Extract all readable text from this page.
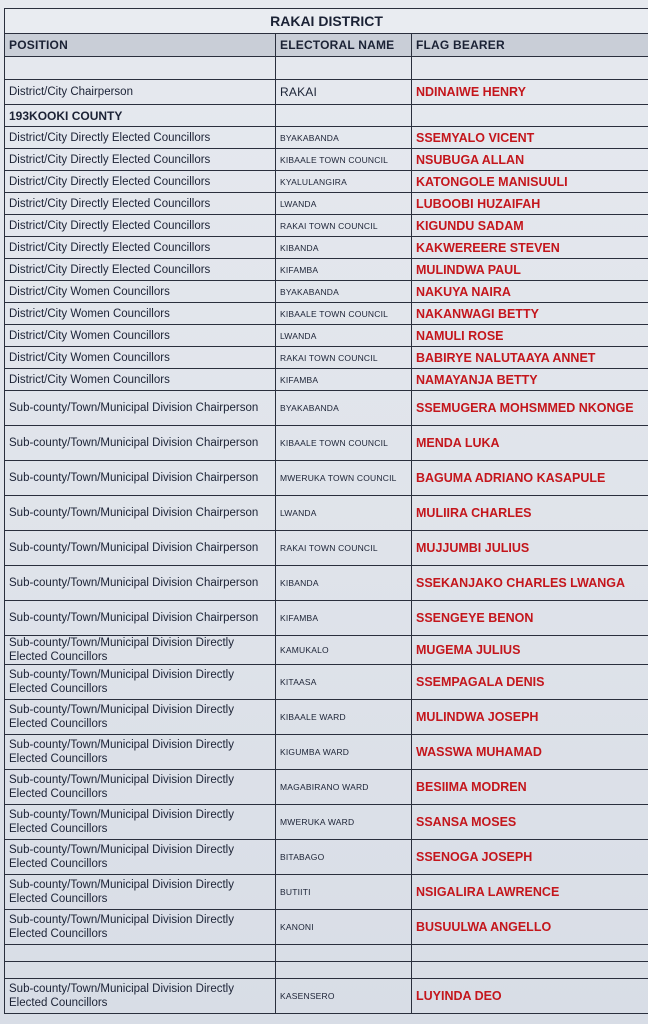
RAKAI DISTRICT		
POSITION	ELECTORAL NAME	FLAG BEARER

District/City Chairperson	RAKAI	NDINAIWE HENRY
193KOOKI COUNTY		
District/City Directly Elected Councillors	BYAKABANDA	SSEMYALO VICENT
District/City Directly Elected Councillors	KIBAALE TOWN COUNCIL	NSUBUGA ALLAN
District/City Directly Elected Councillors	KYALULANGIRA	KATONGOLE MANISUULI
District/City Directly Elected Councillors	LWANDA	LUBOOBI HUZAIFAH
District/City Directly Elected Councillors	RAKAI TOWN COUNCIL	KIGUNDU SADAM
District/City Directly Elected Councillors	KIBANDA	KAKWEREERE STEVEN
District/City Directly Elected Councillors	KIFAMBA	MULINDWA PAUL
District/City Women Councillors	BYAKABANDA	NAKUYA NAIRA
District/City Women Councillors	KIBAALE TOWN COUNCIL	NAKANWAGI BETTY
District/City Women Councillors	LWANDA	NAMULI ROSE
District/City Women Councillors	RAKAI TOWN COUNCIL	BABIRYE NALUTAAYA ANNET
District/City Women Councillors	KIFAMBA	NAMAYANJA BETTY
Sub-county/Town/Municipal Division Chairperson	BYAKABANDA	SSEMUGERA MOHSMMED NKONGE
Sub-county/Town/Municipal Division Chairperson	KIBAALE TOWN COUNCIL	MENDA LUKA
Sub-county/Town/Municipal Division Chairperson	MWERUKA TOWN COUNCIL	BAGUMA ADRIANO KASAPULE
Sub-county/Town/Municipal Division Chairperson	LWANDA	MULIIRA CHARLES
Sub-county/Town/Municipal Division Chairperson	RAKAI TOWN COUNCIL	MUJJUMBI JULIUS
Sub-county/Town/Municipal Division Chairperson	KIBANDA	SSEKANJAKO CHARLES LWANGA
Sub-county/Town/Municipal Division Chairperson	KIFAMBA	SSENGEYE BENON
Sub-county/Town/Municipal Division Directly Elected Councillors	KAMUKALO	MUGEMA JULIUS
Sub-county/Town/Municipal Division Directly Elected Councillors	KITAASA	SSEMPAGALA DENIS
Sub-county/Town/Municipal Division Directly Elected Councillors	KIBAALE WARD	MULINDWA JOSEPH
Sub-county/Town/Municipal Division Directly Elected Councillors	KIGUMBA WARD	WASSWA MUHAMAD
Sub-county/Town/Municipal Division Directly Elected Councillors	MAGABIRANO WARD	BESIIMA MODREN
Sub-county/Town/Municipal Division Directly Elected Councillors	MWERUKA WARD	SSANSA MOSES
Sub-county/Town/Municipal Division Directly Elected Councillors	BITABAGO	SSENOGA JOSEPH
Sub-county/Town/Municipal Division Directly Elected Councillors	BUTIITI	NSIGALIRA LAWRENCE
Sub-county/Town/Municipal Division Directly Elected Councillors	KANONI	BUSUULWA ANGELLO

Sub-county/Town/Municipal Division Directly Elected Councillors	KASENSERO	LUYINDA DEO
